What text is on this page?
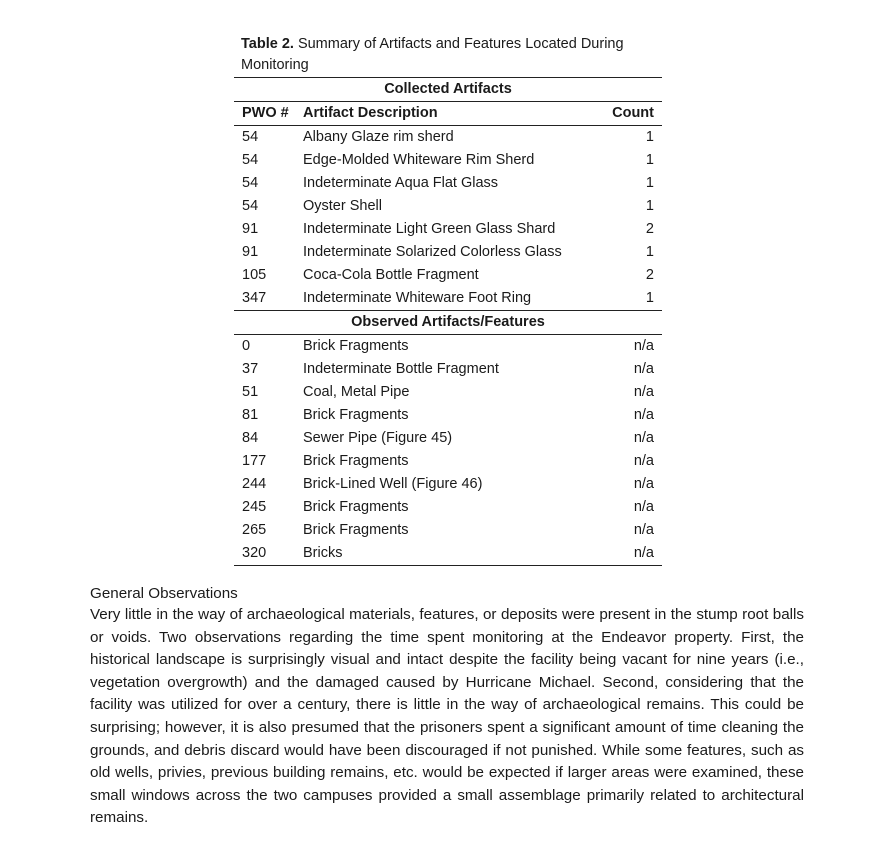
Table 2. Summary of Artifacts and Features Located During Monitoring
Collected Artifacts		
PWO #	Artifact Description	Count
54	Albany Glaze rim sherd	1
54	Edge-Molded Whiteware Rim Sherd	1
54	Indeterminate Aqua Flat Glass	1
54	Oyster Shell	1
91	Indeterminate Light Green Glass Shard	2
91	Indeterminate Solarized Colorless Glass	1
105	Coca-Cola Bottle Fragment	2
347	Indeterminate Whiteware Foot Ring	1
Observed Artifacts/Features		
0	Brick Fragments	n/a
37	Indeterminate Bottle Fragment	n/a
51	Coal, Metal Pipe	n/a
81	Brick Fragments	n/a
84	Sewer Pipe (Figure 45)	n/a
177	Brick Fragments	n/a
244	Brick-Lined Well (Figure 46)	n/a
245	Brick Fragments	n/a
265	Brick Fragments	n/a
320	Bricks	n/a
General Observations

Very little in the way of archaeological materials, features, or deposits were present in the stump root balls or voids. Two observations regarding the time spent monitoring at the Endeavor property. First, the historical landscape is surprisingly visual and intact despite the facility being vacant for nine years (i.e., vegetation overgrowth) and the damaged caused by Hurricane Michael. Second, considering that the facility was utilized for over a century, there is little in the way of archaeological remains. This could be surprising; however, it is also presumed that the prisoners spent a significant amount of time cleaning the grounds, and debris discard would have been discouraged if not punished. While some features, such as old wells, privies, previous building remains, etc. would be expected if larger areas were examined, these small windows across the two campuses provided a small assemblage primarily related to architectural remains.
